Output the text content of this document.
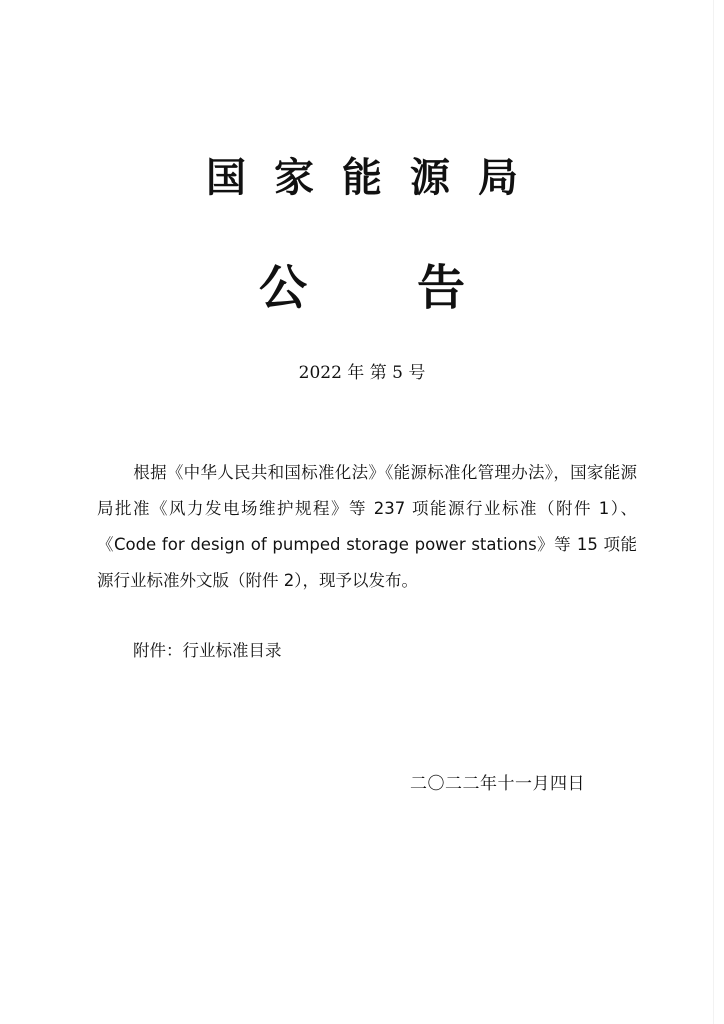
国家能源局
公告
2022 年 第 5 号
根据《中华人民共和国标准化法》《能源标准化管理办法》，国家能源局批准《风力发电场维护规程》等 237 项能源行业标准（附件 1）、《Code for design of pumped storage power stations》等 15 项能源行业标准外文版（附件 2），现予以发布。
附件：行业标准目录
二〇二二年十一月四日
